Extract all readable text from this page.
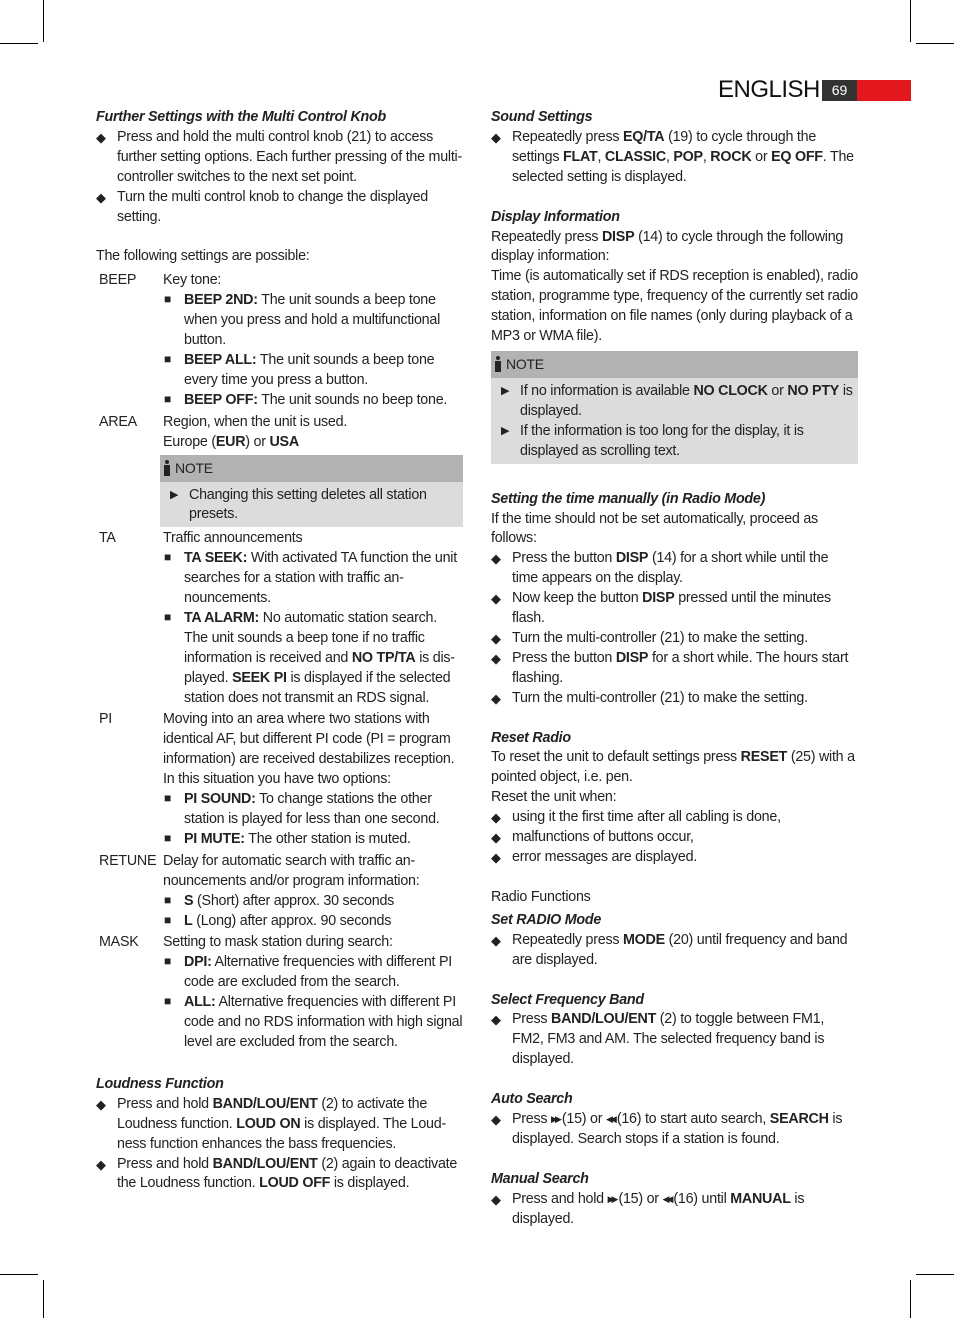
ENGLISH 69

Further Settings with the Multi Control Knob

◆ Press and hold the multi control knob (21) to access further setting options. Each further pressing of the multi-controller switches to the next set point.

◆ Turn the multi control knob to change the displayed setting.

The following settings are possible:

BEEP	Key tone:

■ BEEP 2ND: The unit sounds a beep tone when you press and hold a multifunctional button.

■ BEEP ALL: The unit sounds a beep tone every time you press a button.

■ BEEP OFF: The unit sounds no beep tone.

AREA	Region, when the unit is used.

Europe (EUR) or USA

NOTE

▶ Changing this setting deletes all station presets.

TA	Traffic announcements

■ TA SEEK: With activated TA function the unit searches for a station with traffic announcements.

■ TA ALARM: No automatic station search. The unit sounds a beep tone if no traffic information is received and NO TP/TA is displayed. SEEK PI is displayed if the selected station does not transmit an RDS signal.

PI	Moving into an area where two stations with identical AF, but different PI code (PI = program information) are received destabilizes reception. In this situation you have two options:

■ PI SOUND: To change stations the other station is played for less than one second.

■ PI MUTE: The other station is muted.

RETUNE Delay for automatic search with traffic announcements and/or program information:

■ S (Short) after approx. 30 seconds

■ L (Long) after approx. 90 seconds

MASK	Setting to mask station during search:

■ DPI: Alternative frequencies with different PI code are excluded from the search.

■ ALL: Alternative frequencies with different PI code and no RDS information with high signal level are excluded from the search.

Loudness Function

◆ Press and hold BAND/LOU/ENT (2) to activate the Loudness function. LOUD ON is displayed. The Loudness function enhances the bass frequencies.

◆ Press and hold BAND/LOU/ENT (2) again to deactivate the Loudness function. LOUD OFF is displayed.

Sound Settings

◆ Repeatedly press EQ/TA (19) to cycle through the settings FLAT, CLASSIC, POP, ROCK or EQ OFF. The selected setting is displayed.

Display Information

Repeatedly press DISP (14) to cycle through the following display information:

Time (is automatically set if RDS reception is enabled), radio station, programme type, frequency of the currently set radio station, information on file names (only during playback of a MP3 or WMA file).

NOTE

▶ If no information is available NO CLOCK or NO PTY is displayed.

▶ If the information is too long for the display, it is displayed as scrolling text.

Setting the time manually (in Radio Mode)

If the time should not be set automatically, proceed as follows:

◆ Press the button DISP (14) for a short while until the time appears on the display.

◆ Now keep the button DISP pressed until the minutes flash.

◆ Turn the multi-controller (21) to make the setting.

◆ Press the button DISP for a short while. The hours start flashing.

◆ Turn the multi-controller (21) to make the setting.

Reset Radio

To reset the unit to default settings press RESET (25) with a pointed object, i.e. pen.

Reset the unit when:

◆ using it the first time after all cabling is done,

◆ malfunctions of buttons occur,

◆ error messages are displayed.

Radio Functions

Set RADIO Mode

◆ Repeatedly press MODE (20) until frequency and band are displayed.

Select Frequency Band

◆ Press BAND/LOU/ENT (2) to toggle between FM1, FM2, FM3 and AM. The selected frequency band is displayed.

Auto Search

◆ Press ▶▶ (15) or ◀◀ (16) to start auto search, SEARCH is displayed. Search stops if a station is found.

Manual Search

◆ Press and hold ▶▶ (15) or ◀◀ (16) until MANUAL is displayed.
